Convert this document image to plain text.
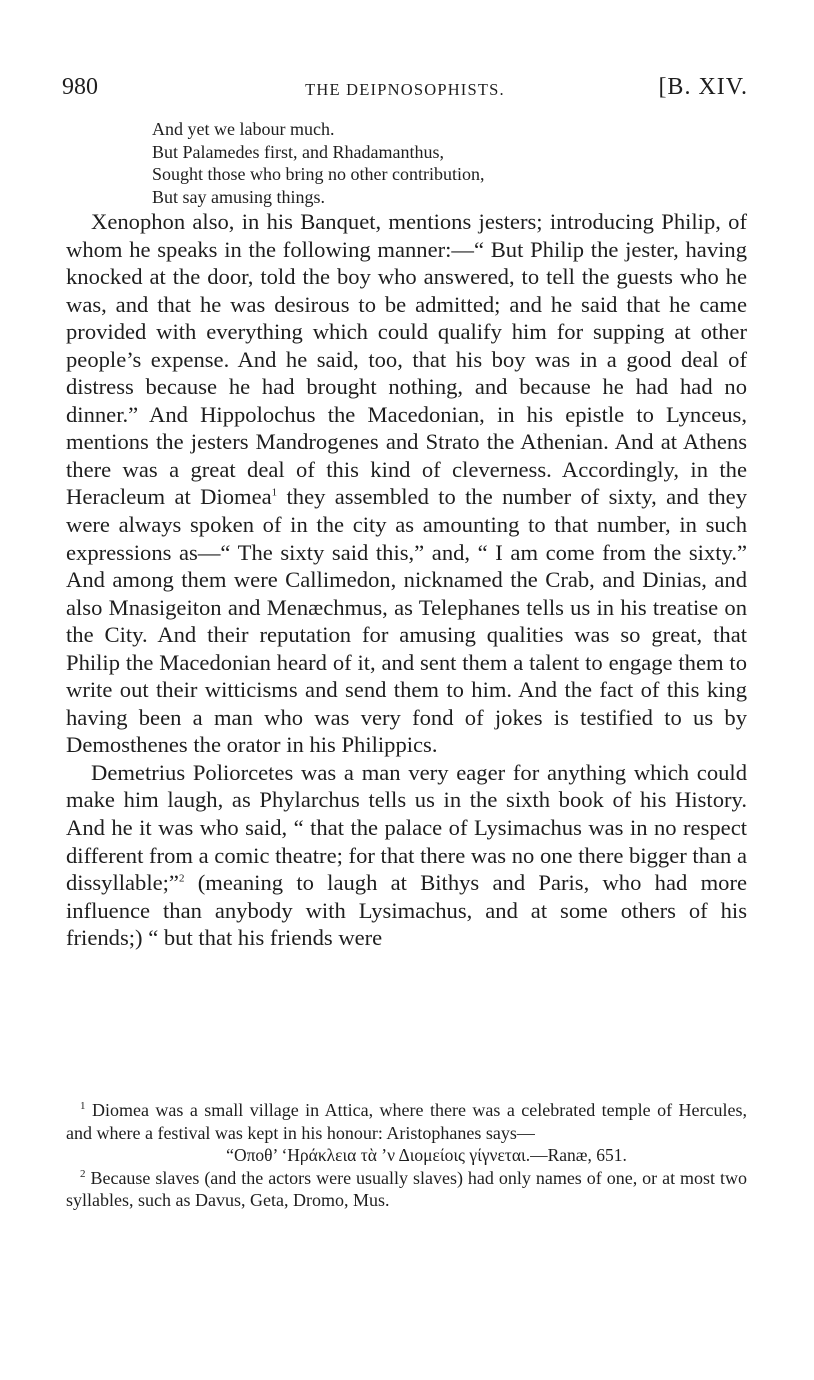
980	THE DEIPNOSOPHISTS.	[B. XIV.
And yet we labour much.
But Palamedes first, and Rhadamanthus,
Sought those who bring no other contribution,
But say amusing things.

Xenophon also, in his Banquet, mentions jesters; introducing Philip, of whom he speaks in the following manner:—“ But Philip the jester, having knocked at the door, told the boy who answered, to tell the guests who he was, and that he was desirous to be admitted; and he said that he came provided with everything which could qualify him for supping at other people’s expense. And he said, too, that his boy was in a good deal of distress because he had brought nothing, and because he had had no dinner.” And Hippolochus the Macedonian, in his epistle to Lynceus, mentions the jesters Mandrogenes and Strato the Athenian. And at Athens there was a great deal of this kind of cleverness. Accordingly, in the Heracleum at Diomea$^1$ they assembled to the number of sixty, and they were always spoken of in the city as amounting to that number, in such expressions as—“ The sixty said this,” and, “ I am come from the sixty.” And among them were Callimedon, nicknamed the Crab, and Dinias, and also Mnasigeiton and Menæchmus, as Telephanes tells us in his treatise on the City. And their reputation for amusing qualities was so great, that Philip the Macedonian heard of it, and sent them a talent to engage them to write out their witticisms and send them to him. And the fact of this king having been a man who was very fond of jokes is testified to us by Demosthenes the orator in his Philippics.

Demetrius Poliorcetes was a man very eager for anything which could make him laugh, as Phylarchus tells us in the sixth book of his History. And he it was who said, “ that the palace of Lysimachus was in no respect different from a comic theatre; for that there was no one there bigger than a dissyllable;”$^2$ (meaning to laugh at Bithys and Paris, who had more influence than anybody with Lysimachus, and at some others of his friends;) “ but that his friends were

$^1$ Diomea was a small village in Attica, where there was a celebrated temple of Hercules, and where a festival was kept in his honour: Aristophanes says—

“Οποθ’ ‘Ηράκλεια τὰ ’ν Διομείοις γίγνεται.—Ranæ, 651.

$^2$ Because slaves (and the actors were usually slaves) had only names of one, or at most two syllables, such as Davus, Geta, Dromo, Mus.
